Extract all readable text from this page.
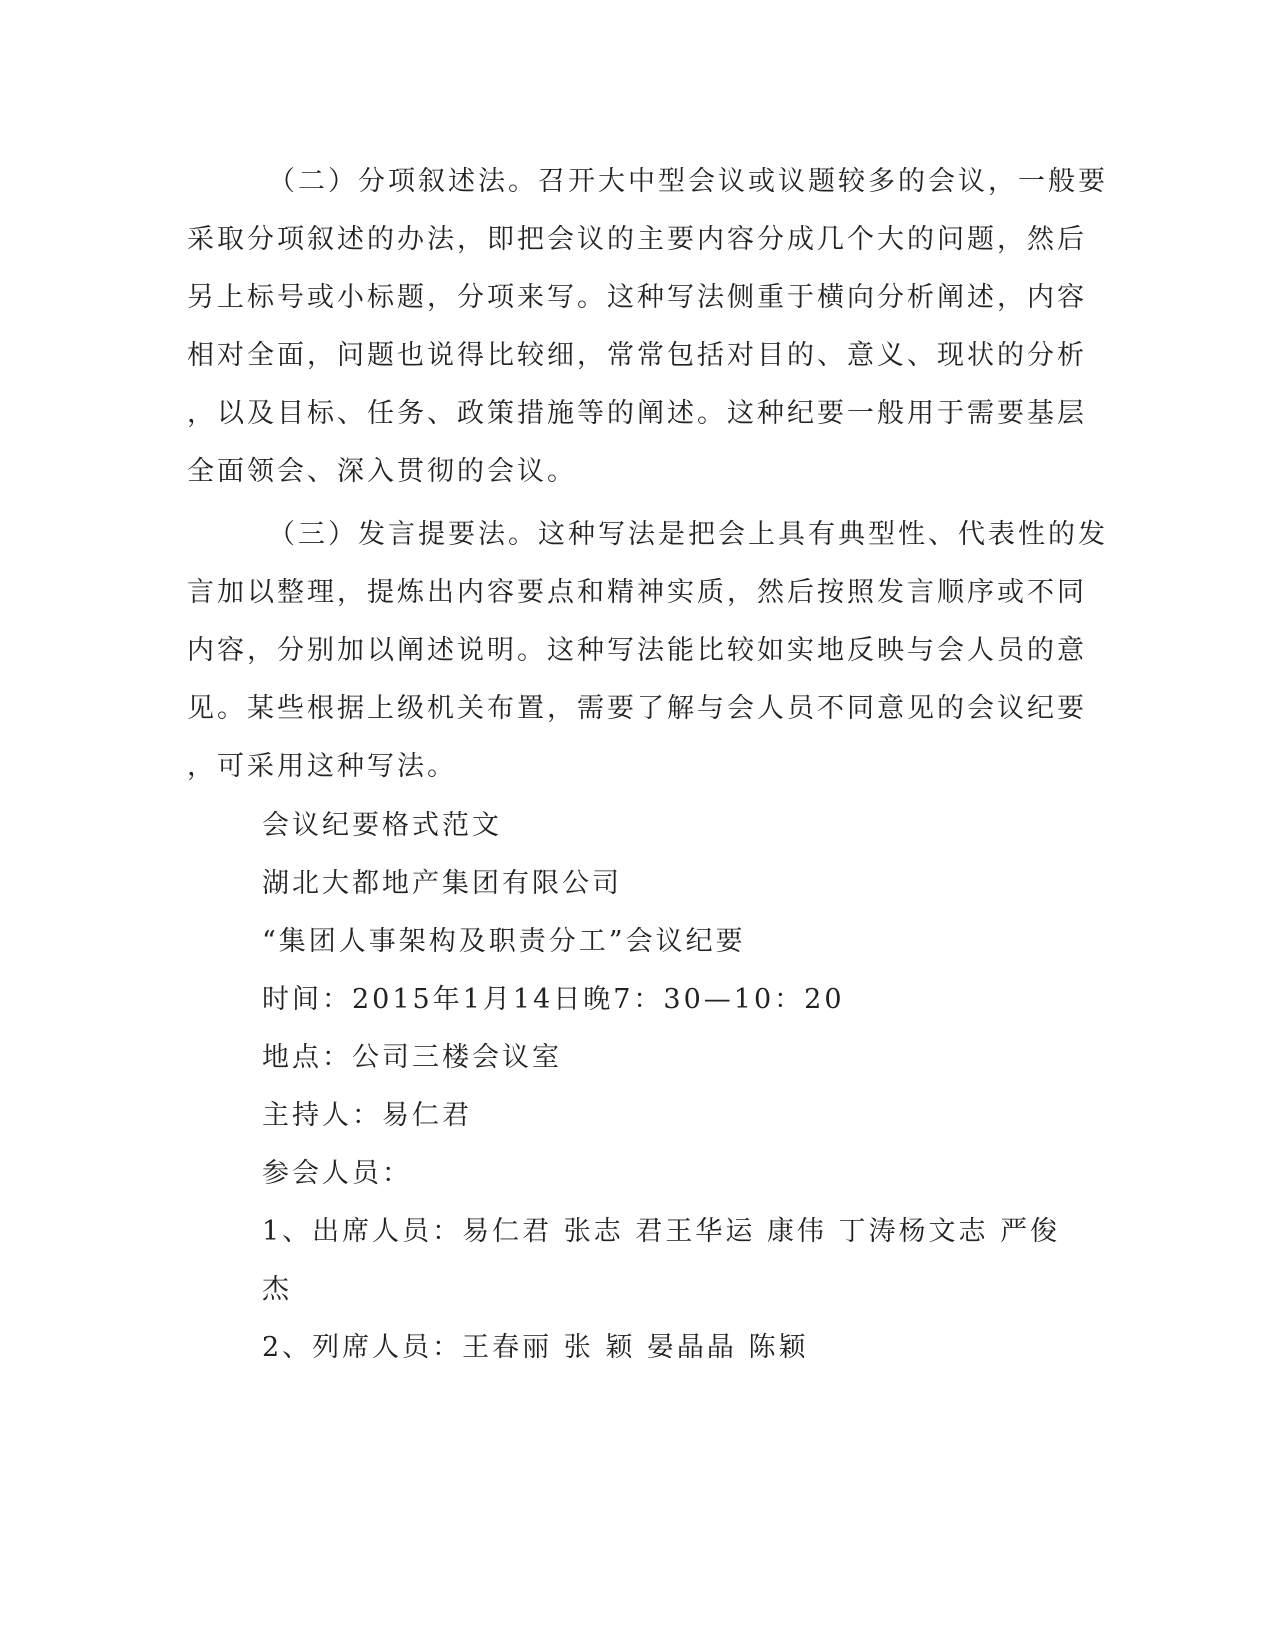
（二）分项叙述法。召开大中型会议或议题较多的会议，一般要
采取分项叙述的办法，即把会议的主要内容分成几个大的问题，然后
另上标号或小标题，分项来写。这种写法侧重于横向分析阐述，内容
相对全面，问题也说得比较细，常常包括对目的、意义、现状的分析
，以及目标、任务、政策措施等的阐述。这种纪要一般用于需要基层
全面领会、深入贯彻的会议。
（三）发言提要法。这种写法是把会上具有典型性、代表性的发
言加以整理，提炼出内容要点和精神实质，然后按照发言顺序或不同
内容，分别加以阐述说明。这种写法能比较如实地反映与会人员的意
见。某些根据上级机关布置，需要了解与会人员不同意见的会议纪要
，可采用这种写法。
会议纪要格式范文
湖北大都地产集团有限公司
“集团人事架构及职责分工”会议纪要
时间：2015年1月14日晚7：30—10：20
地点：公司三楼会议室
主持人：易仁君
参会人员：
1、出席人员：易仁君 张志 君王华运 康伟 丁涛杨文志 严俊
杰
2、列席人员：王春丽 张 颖 晏晶晶 陈颖
